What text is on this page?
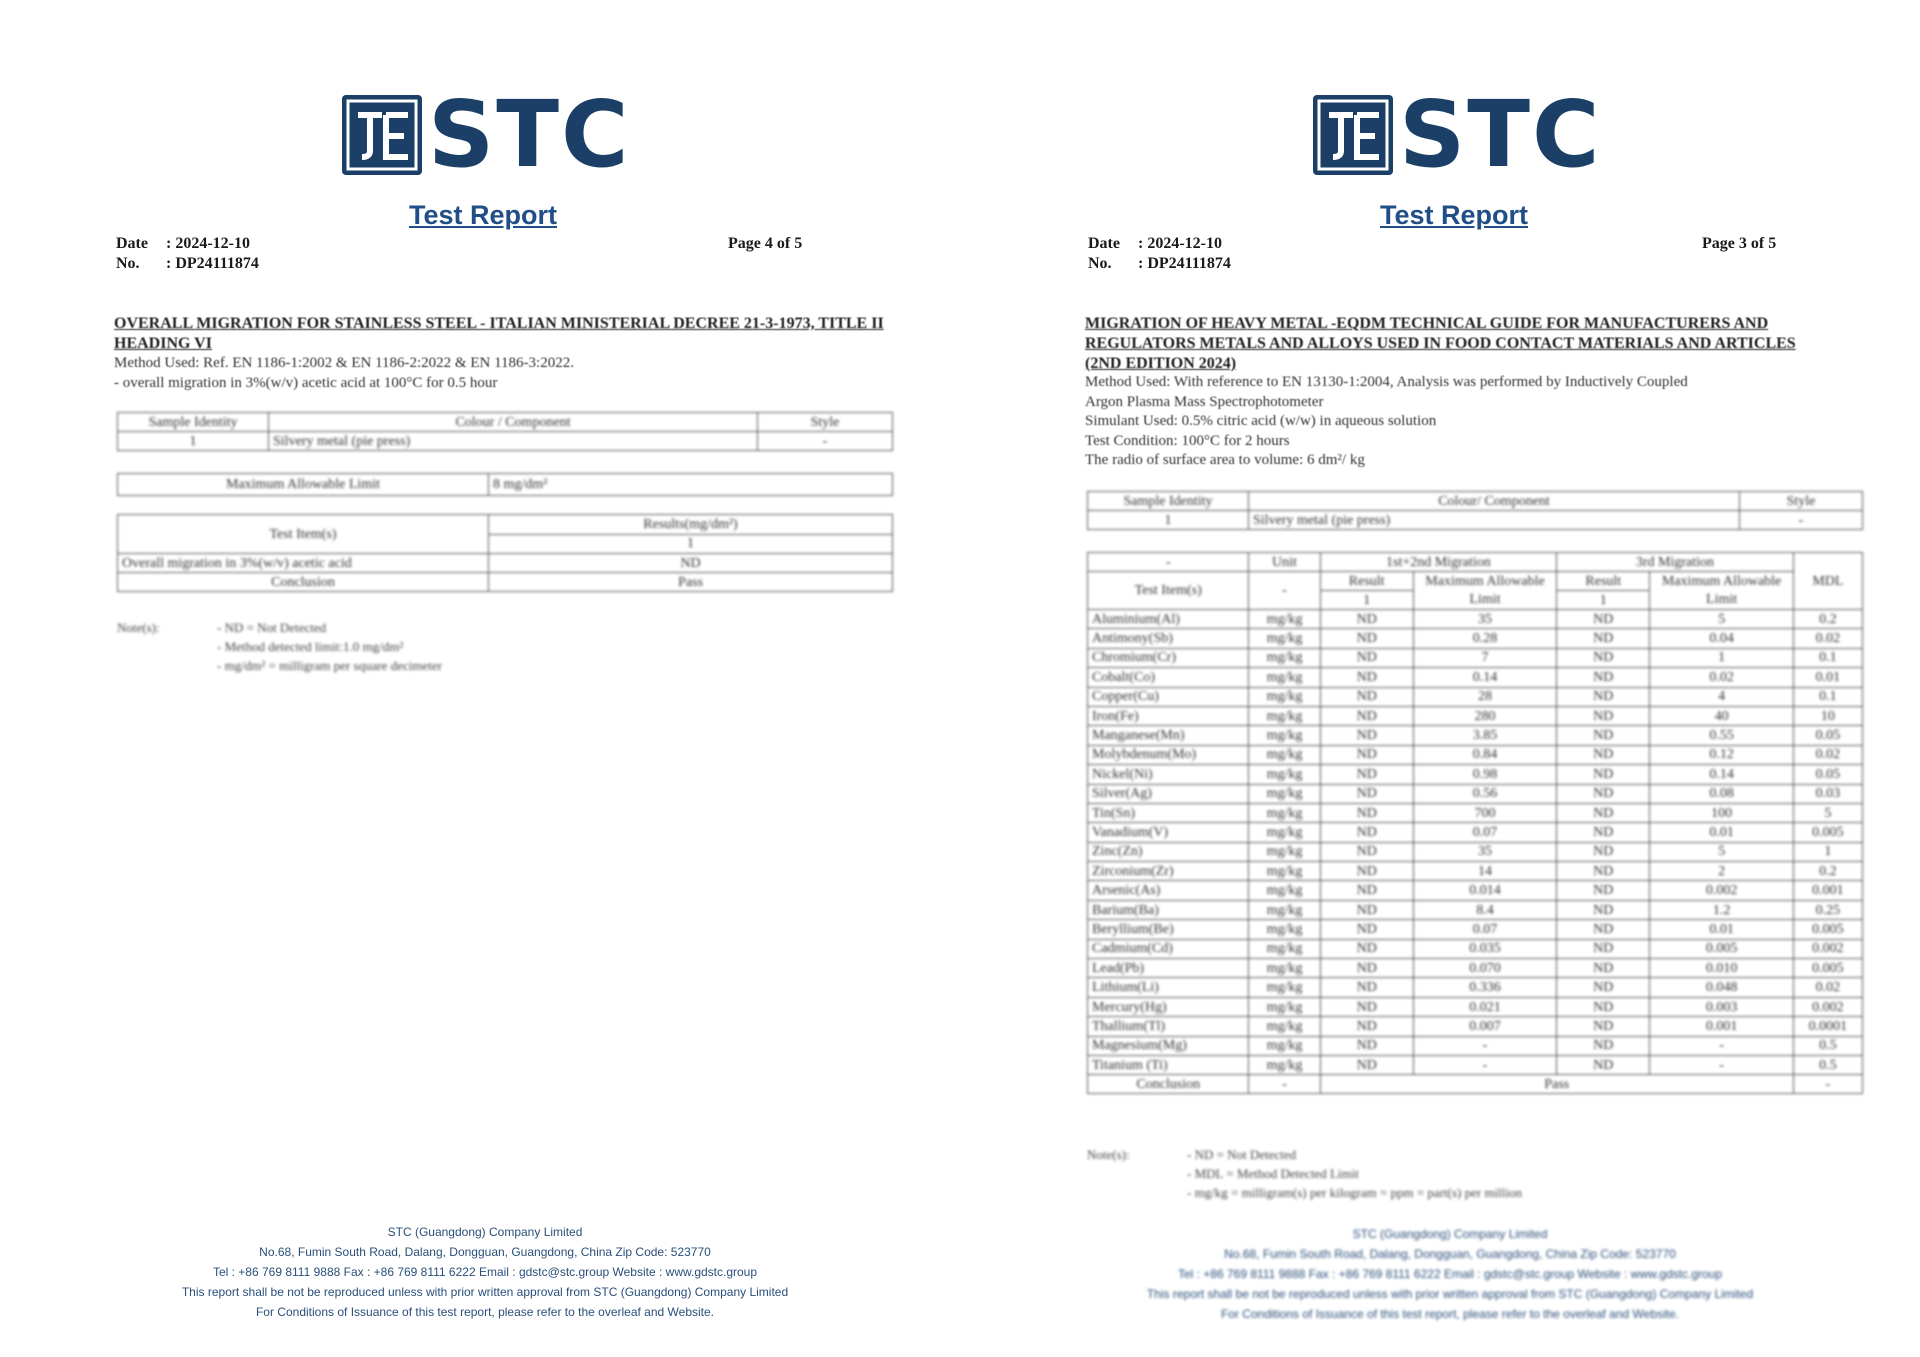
STC
Test Report
Date : 2024-12-10
No. : DP24111874
Page 4 of 5
OVERALL MIGRATION FOR STAINLESS STEEL - ITALIAN MINISTERIAL DECREE 21-3-1973, TITLE II HEADING VI
Method Used: Ref. EN 1186-1:2002 & EN 1186-2:2022 & EN 1186-3:2022.
- overall migration in 3%(w/v) acetic acid at 100°C for 0.5 hour
Sample Identity	Colour / Component	Style
1	Silvery metal (pie press)	-
Maximum Allowable Limit	8 mg/dm²
Test Item(s)	Results(mg/dm²)
	1
Overall migration in 3%(w/v) acetic acid	ND
Conclusion	Pass
Note(s):	- ND = Not Detected
- Method detected limit:1.0 mg/dm²
- mg/dm² = milligram per square decimeter
STC (Guangdong) Company Limited
No.68, Fumin South Road, Dalang, Dongguan, Guangdong, China Zip Code: 523770
Tel : +86 769 8111 9888 Fax : +86 769 8111 6222 Email : gdstc@stc.group Website : www.gdstc.group
This report shall be not be reproduced unless with prior written approval from STC (Guangdong) Company Limited
For Conditions of Issuance of this test report, please refer to the overleaf and Website.
STC
Test Report
Date : 2024-12-10
No. : DP24111874
Page 3 of 5
MIGRATION OF HEAVY METAL -EQDM TECHNICAL GUIDE FOR MANUFACTURERS AND REGULATORS METALS AND ALLOYS USED IN FOOD CONTACT MATERIALS AND ARTICLES (2ND EDITION 2024)
Method Used: With reference to EN 13130-1:2004, Analysis was performed by Inductively Coupled
Argon Plasma Mass Spectrophotometer
Simulant Used: 0.5% citric acid (w/w) in aqueous solution
Test Condition: 100°C for 2 hours
The radio of surface area to volume: 6 dm²/ kg
Sample Identity	Colour/ Component	Style
1	Silvery metal (pie press)	-
-	Unit	1st+2nd Migration		3rd Migration		MDL
Test Item(s)	-	Result	Maximum Allowable Limit	Result	Maximum Allowable Limit	
		1		1		
Aluminium(Al)	mg/kg	ND	35	ND	5	0.2
Antimony(Sb)	mg/kg	ND	0.28	ND	0.04	0.02
Chromium(Cr)	mg/kg	ND	7	ND	1	0.1
Cobalt(Co)	mg/kg	ND	0.14	ND	0.02	0.01
Copper(Cu)	mg/kg	ND	28	ND	4	0.1
Iron(Fe)	mg/kg	ND	280	ND	40	10
Manganese(Mn)	mg/kg	ND	3.85	ND	0.55	0.05
Molybdenum(Mo)	mg/kg	ND	0.84	ND	0.12	0.02
Nickel(Ni)	mg/kg	ND	0.98	ND	0.14	0.05
Silver(Ag)	mg/kg	ND	0.56	ND	0.08	0.03
Tin(Sn)	mg/kg	ND	700	ND	100	5
Vanadium(V)	mg/kg	ND	0.07	ND	0.01	0.005
Zinc(Zn)	mg/kg	ND	35	ND	5	1
Zirconium(Zr)	mg/kg	ND	14	ND	2	0.2
Arsenic(As)	mg/kg	ND	0.014	ND	0.002	0.001
Barium(Ba)	mg/kg	ND	8.4	ND	1.2	0.25
Beryllium(Be)	mg/kg	ND	0.07	ND	0.01	0.005
Cadmium(Cd)	mg/kg	ND	0.035	ND	0.005	0.002
Lead(Pb)	mg/kg	ND	0.070	ND	0.010	0.005
Lithium(Li)	mg/kg	ND	0.336	ND	0.048	0.02
Mercury(Hg)	mg/kg	ND	0.021	ND	0.003	0.002
Thallium(Tl)	mg/kg	ND	0.007	ND	0.001	0.0001
Magnesium(Mg)	mg/kg	ND	-	ND	-	0.5
Titanium (Ti)	mg/kg	ND	-	ND	-	0.5
Conclusion	-	Pass				-
Note(s):	- ND = Not Detected
- MDL = Method Detected Limit
- mg/kg = milligram(s) per kilogram = ppm = part(s) per million
STC (Guangdong) Company Limited
No.68, Fumin South Road, Dalang, Dongguan, Guangdong, China Zip Code: 523770
Tel : +86 769 8111 9888 Fax : +86 769 8111 6222 Email : gdstc@stc.group Website : www.gdstc.group
This report shall be not be reproduced unless with prior written approval from STC (Guangdong) Company Limited
For Conditions of Issuance of this test report, please refer to the overleaf and Website.
